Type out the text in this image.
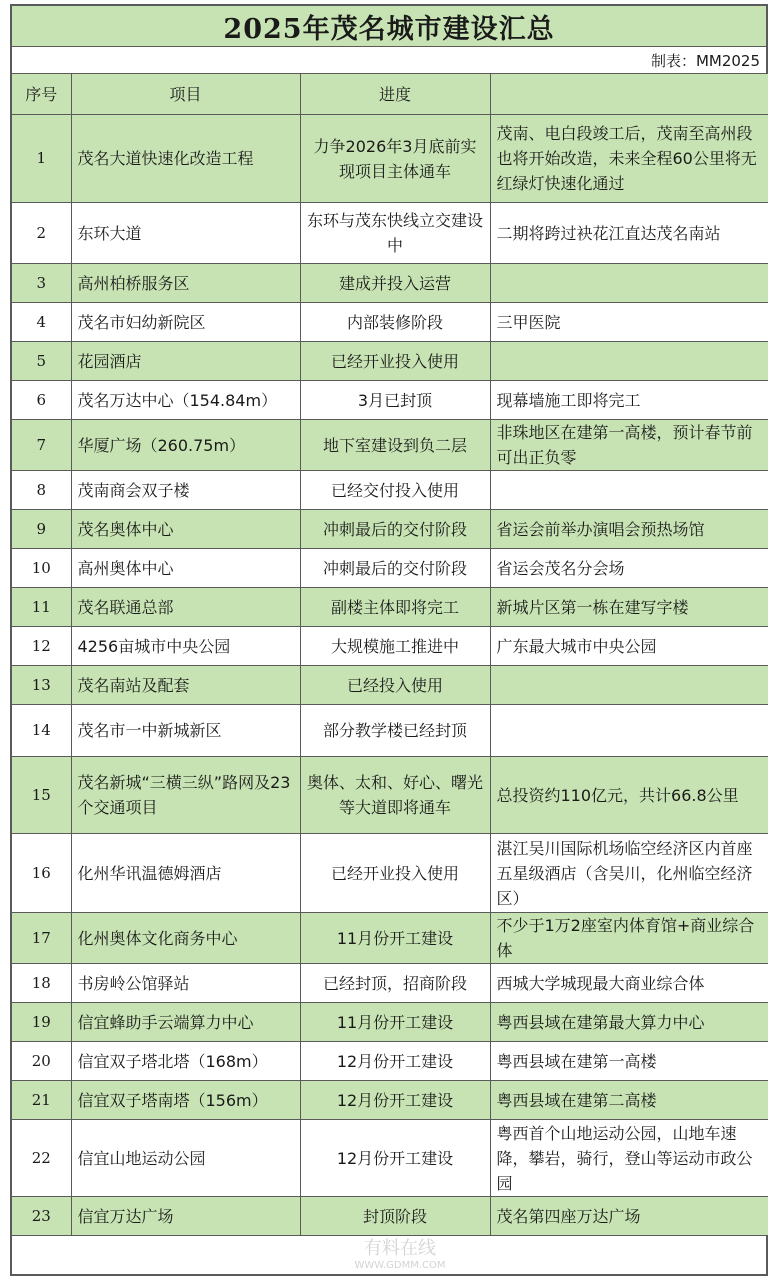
2025年茂名城市建设汇总
制表：MM2025
序号	项目	进度	
1	茂名大道快速化改造工程	力争2026年3月底前实现项目主体通车	茂南、电白段竣工后，茂南至高州段也将开始改造，未来全程60公里将无红绿灯快速化通过
2	东环大道	东环与茂东快线立交建设中	二期将跨过袂花江直达茂名南站
3	高州柏桥服务区	建成并投入运营	
4	茂名市妇幼新院区	内部装修阶段	三甲医院
5	花园酒店	已经开业投入使用	
6	茂名万达中心（154.84m）	3月已封顶	现幕墙施工即将完工
7	华厦广场（260.75m）	地下室建设到负二层	非珠地区在建第一高楼，预计春节前可出正负零
8	茂南商会双子楼	已经交付投入使用	
9	茂名奥体中心	冲刺最后的交付阶段	省运会前举办演唱会预热场馆
10	高州奥体中心	冲刺最后的交付阶段	省运会茂名分会场
11	茂名联通总部	副楼主体即将完工	新城片区第一栋在建写字楼
12	4256亩城市中央公园	大规模施工推进中	广东最大城市中央公园
13	茂名南站及配套	已经投入使用	
14	茂名市一中新城新区	部分教学楼已经封顶	
15	茂名新城“三横三纵”路网及23个交通项目	奥体、太和、好心、曙光等大道即将通车	总投资约110亿元，共计66.8公里
16	化州华讯温德姆酒店	已经开业投入使用	湛江吴川国际机场临空经济区内首座五星级酒店（含吴川，化州临空经济区）
17	化州奥体文化商务中心	11月份开工建设	不少于1万2座室内体育馆+商业综合体
18	书房岭公馆驿站	已经封顶，招商阶段	西城大学城现最大商业综合体
19	信宜蜂助手云端算力中心	11月份开工建设	粤西县域在建第最大算力中心
20	信宜双子塔北塔（168m）	12月份开工建设	粤西县域在建第一高楼
21	信宜双子塔南塔（156m）	12月份开工建设	粤西县域在建第二高楼
22	信宜山地运动公园	12月份开工建设	粤西首个山地运动公园，山地车速降，攀岩，骑行，登山等运动市政公园
23	信宜万达广场	封顶阶段	茂名第四座万达广场
有料在线
WWW.GDMM.COM
